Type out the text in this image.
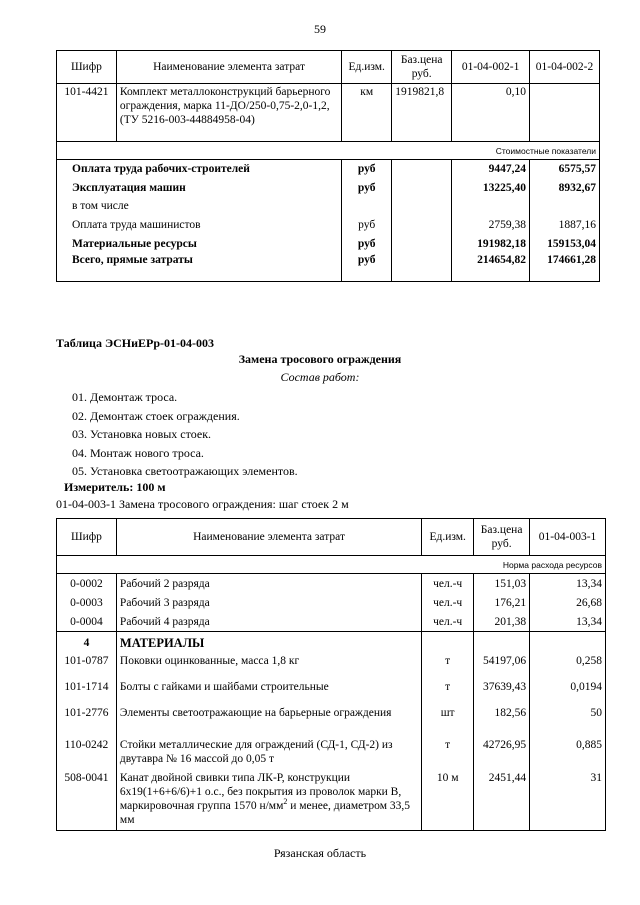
59
Шифр	Наименование элемента затрат	Ед.изм.	Баз.цена руб.	01-04-002-1	01-04-002-2
101-4421	Комплект металлоконструкций барьерного ограждения, марка 11-ДО/250-0,75-2,0-1,2, (ТУ 5216-003-44884958-04)	км	1919821,8	0,10	
Стоимостные показатели					
Оплата труда рабочих-строителей		руб		9447,24	6575,57
Эксплуатация машин		руб		13225,40	8932,67
в том числе					
Оплата труда машинистов		руб		2759,38	1887,16
Материальные ресурсы		руб		191982,18	159153,04
Всего, прямые затраты		руб		214654,82	174661,28
Таблица ЭСНиЕРр-01-04-003
Замена тросового ограждения
Состав работ:
01. Демонтаж троса.
02. Демонтаж стоек ограждения.
03. Установка новых стоек.
04. Монтаж нового троса.
05. Установка светоотражающих элементов.
Измеритель: 100 м
01-04-003-1 Замена тросового ограждения: шаг стоек 2 м
Шифр	Наименование элемента затрат	Ед.изм.	Баз.цена руб.	01-04-003-1
Норма расхода ресурсов				
0-0002	Рабочий 2 разряда	чел.-ч	151,03	13,34
0-0003	Рабочий 3 разряда	чел.-ч	176,21	26,68
0-0004	Рабочий 4 разряда	чел.-ч	201,38	13,34
4	МАТЕРИАЛЫ			
101-0787	Поковки оцинкованные, масса 1,8 кг	т	54197,06	0,258
101-1714	Болты с гайками и шайбами строительные	т	37639,43	0,0194
101-2776	Элементы светоотражающие на барьерные ограждения	шт	182,56	50
110-0242	Стойки металлические для ограждений (СД-1, СД-2) из двутавра № 16 массой до 0,05 т	т	42726,95	0,885
508-0041	Канат двойной свивки типа ЛК-Р, конструкции 6х19(1+6+6/6)+1 о.с., без покрытия из проволок марки В, маркировочная группа 1570 $н/мм^2$ и менее, диаметром 33,5 мм	10 м	2451,44	31
Рязанская область
